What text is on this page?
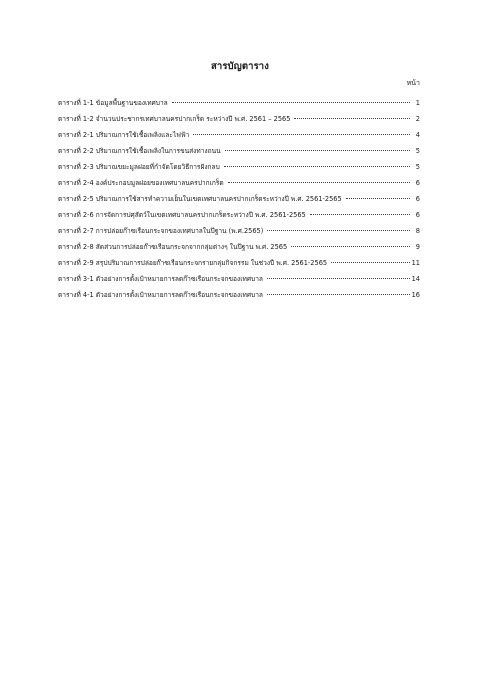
สารบัญตาราง
หน้า
ตารางที่ 1-1 ข้อมูลพื้นฐานของเทศบาล	1
ตารางที่ 1-2 จำนวนประชากรเทศบาลนครปากเกร็ด ระหว่างปี พ.ศ. 2561 – 2565	2
ตารางที่ 2-1 ปริมาณการใช้เชื้อเพลิงและไฟฟ้า	4
ตารางที่ 2-2 ปริมาณการใช้เชื้อเพลิงในการขนส่งทางถนน	5
ตารางที่ 2-3 ปริมาณขยะมูลฝอยที่กำจัดโดยวิธีการฝังกลบ	5
ตารางที่ 2-4 องค์ประกอบมูลฝอยของเทศบาลนครปากเกร็ด	6
ตารางที่ 2-5 ปริมาณการใช้สารทำความเย็นในเขตเทศบาลนครปากเกร็ดระหว่างปี พ.ศ. 2561-2565	6
ตารางที่ 2-6 การจัดการปศุสัตว์ในเขตเทศบาลนครปากเกร็ดระหว่างปี พ.ศ. 2561-2565	6
ตารางที่ 2-7 การปล่อยก๊าซเรือนกระจกของเทศบาลในปีฐาน (พ.ศ.2565)	8
ตารางที่ 2-8 สัดส่วนการปล่อยก๊าซเรือนกระจกจากกลุ่มต่างๆ ในปีฐาน พ.ศ. 2565	9
ตารางที่ 2-9 สรุปปริมาณการปล่อยก๊าซเรือนกระจกรายกลุ่มกิจกรรม ในช่วงปี พ.ศ. 2561-2565	11
ตารางที่ 3-1 ตัวอย่างการตั้งเป้าหมายการลดก๊าซเรือนกระจกของเทศบาล	14
ตารางที่ 4-1 ตัวอย่างการตั้งเป้าหมายการลดก๊าซเรือนกระจกของเทศบาล	16
